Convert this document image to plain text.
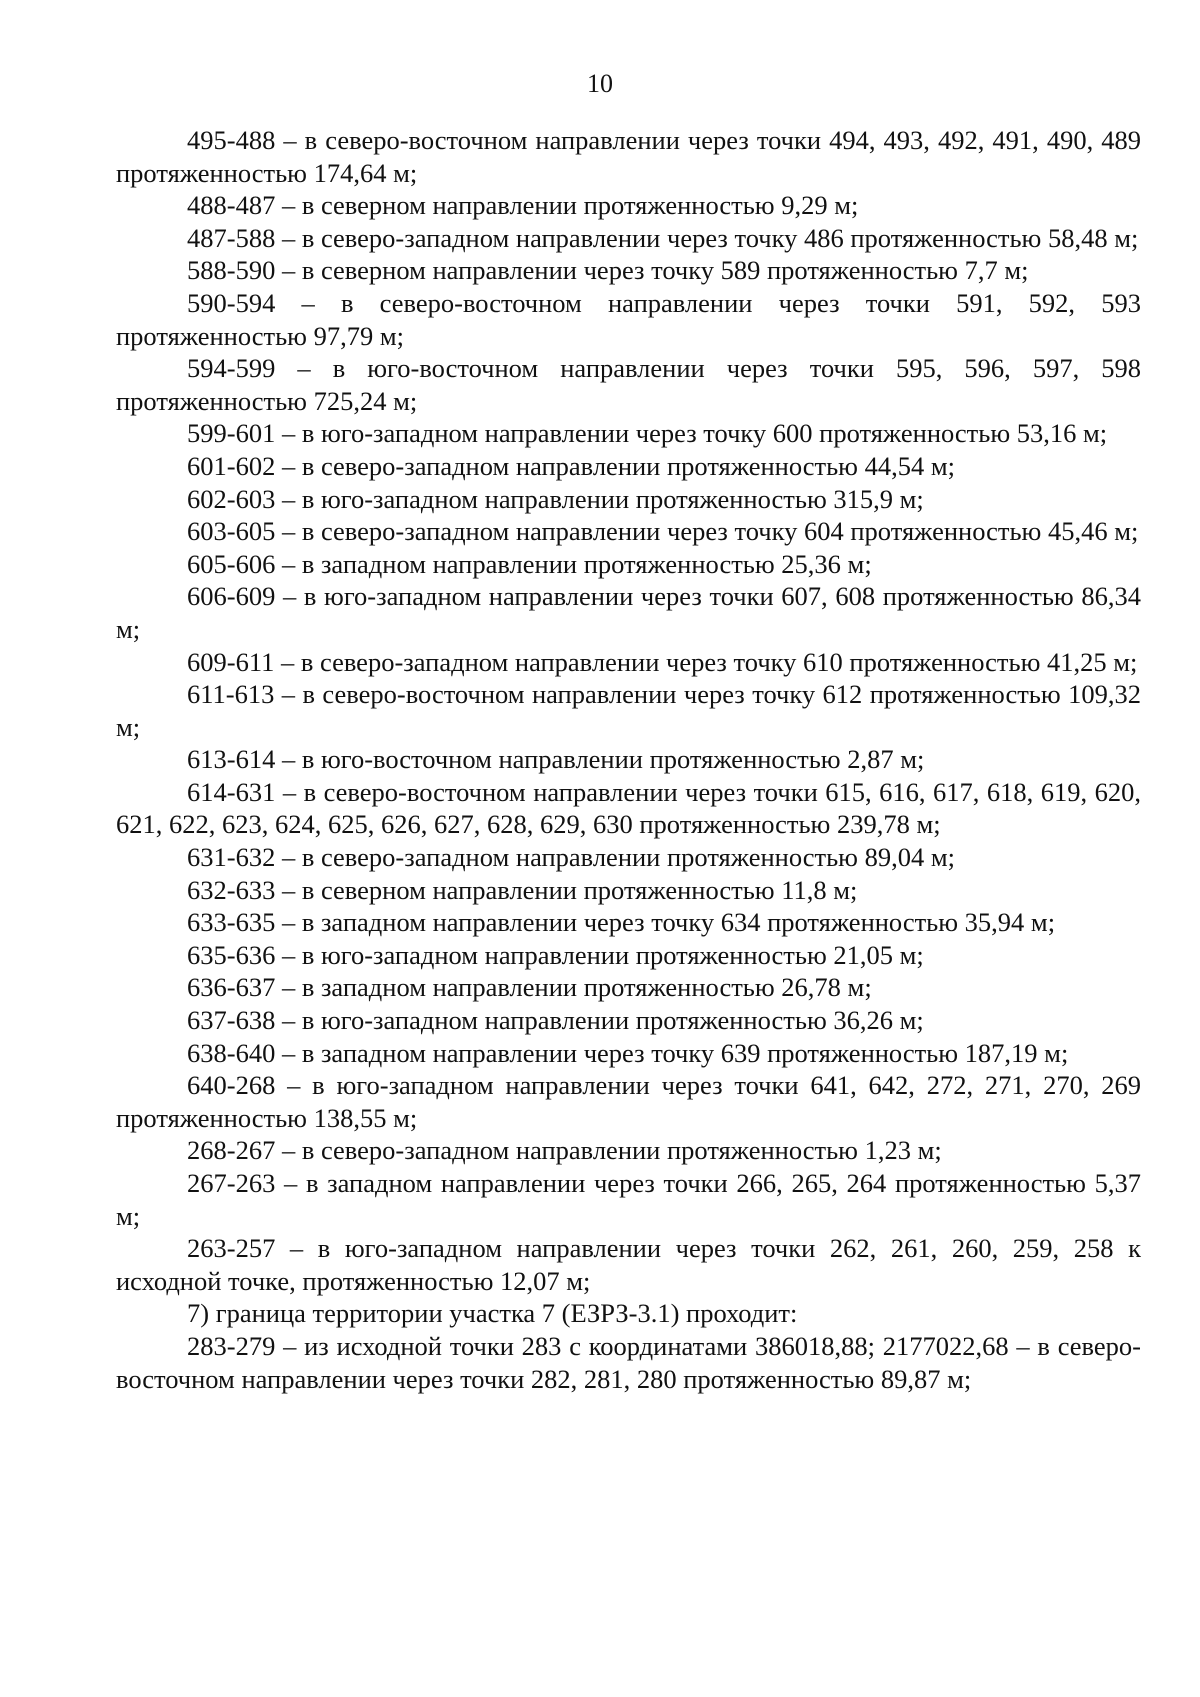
10

495-488 – в северо-восточном направлении через точки 494, 493, 492, 491, 490, 489 протяженностью 174,64 м;

488-487 – в северном направлении протяженностью 9,29 м;

487-588 – в северо-западном направлении через точку 486 протяженностью 58,48 м;

588-590 – в северном направлении через точку 589 протяженностью 7,7 м;

590-594 – в северо-восточном направлении через точки 591, 592, 593 протяженностью 97,79 м;

594-599 – в юго-восточном направлении через точки 595, 596, 597, 598 протяженностью 725,24 м;

599-601 – в юго-западном направлении через точку 600 протяженностью 53,16 м;

601-602 – в северо-западном направлении протяженностью 44,54 м;

602-603 – в юго-западном направлении протяженностью 315,9 м;

603-605 – в северо-западном направлении через точку 604 протяженностью 45,46 м;

605-606 – в западном направлении протяженностью 25,36 м;

606-609 – в юго-западном направлении через точки 607, 608 протяженностью 86,34 м;

609-611 – в северо-западном направлении через точку 610 протяженностью 41,25 м;

611-613 – в северо-восточном направлении через точку 612 протяженностью 109,32 м;

613-614 – в юго-восточном направлении протяженностью 2,87 м;

614-631 – в северо-восточном направлении через точки 615, 616, 617, 618, 619, 620, 621, 622, 623, 624, 625, 626, 627, 628, 629, 630 протяженностью 239,78 м;

631-632 – в северо-западном направлении протяженностью 89,04 м;

632-633 – в северном направлении протяженностью 11,8 м;

633-635 – в западном направлении через точку 634 протяженностью 35,94 м;

635-636 – в юго-западном направлении протяженностью 21,05 м;

636-637 – в западном направлении протяженностью 26,78 м;

637-638 – в юго-западном направлении протяженностью 36,26 м;

638-640 – в западном направлении через точку 639 протяженностью 187,19 м;

640-268 – в юго-западном направлении через точки 641, 642, 272, 271, 270, 269 протяженностью 138,55 м;

268-267 – в северо-западном направлении протяженностью 1,23 м;

267-263 – в западном направлении через точки 266, 265, 264 протяженностью 5,37 м;

263-257 – в юго-западном направлении через точки 262, 261, 260, 259, 258 к исходной точке, протяженностью 12,07 м;

7) граница территории участка 7 (ЕЗРЗ-3.1) проходит:

283-279 – из исходной точки 283 с координатами 386018,88; 2177022,68 – в северо-восточном направлении через точки 282, 281, 280 протяженностью 89,87 м;
